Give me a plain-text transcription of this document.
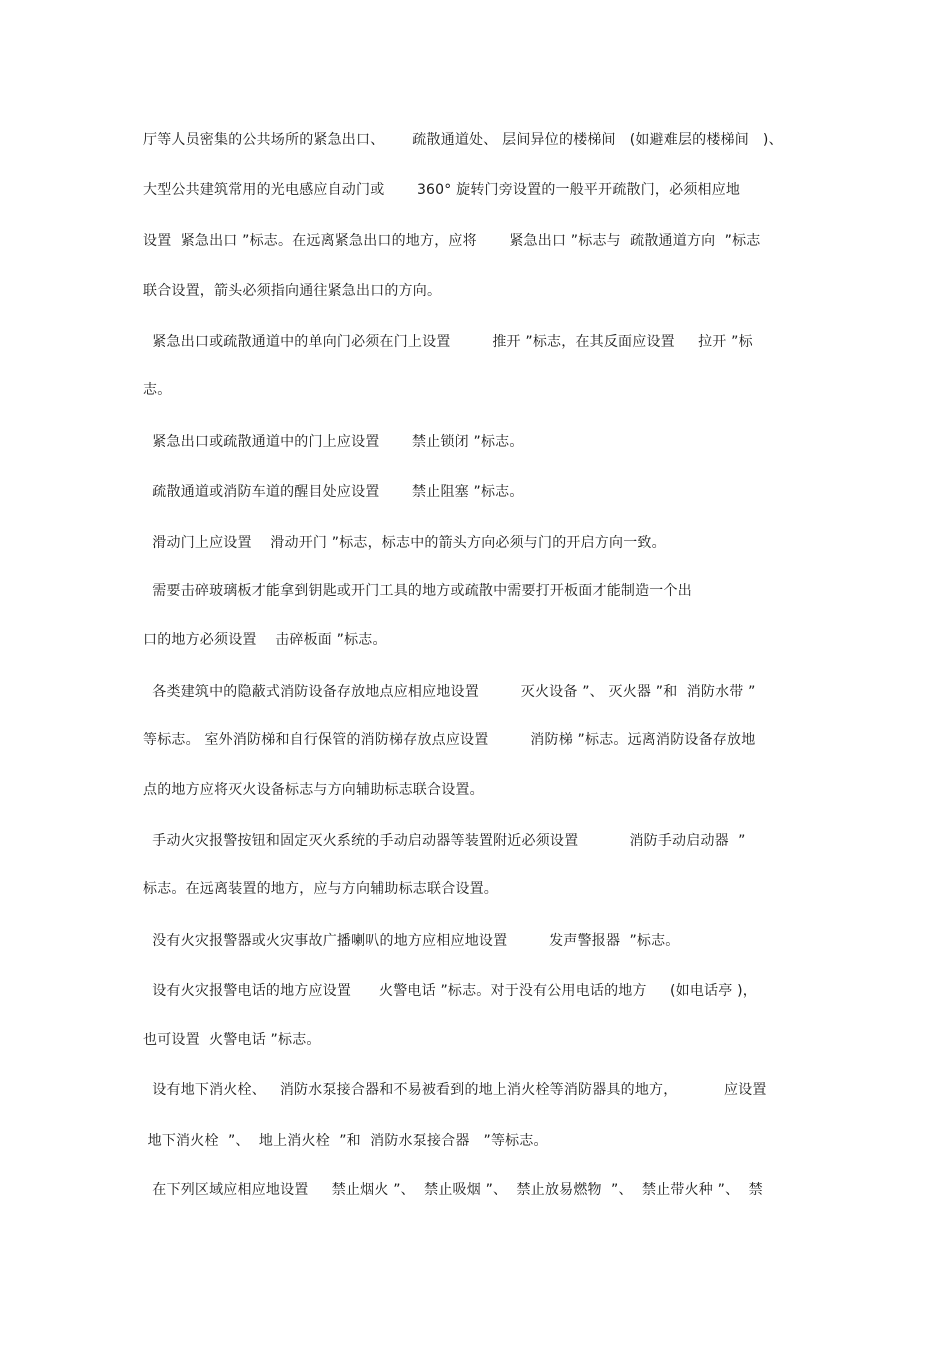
厅等人员密集的公共场所的紧急出口、      疏散通道处、 层间异位的楼梯间   (如避难层的楼梯间   )、
大型公共建筑常用的光电感应自动门或       360° 旋转门旁设置的一般平开疏散门，必须相应地
设置  紧急出口 ”标志。在远离紧急出口的地方，应将       紧急出口 ”标志与  疏散通道方向  ”标志
联合设置，箭头必须指向通往紧急出口的方向。
紧急出口或疏散通道中的单向门必须在门上设置         推开 ”标志，在其反面应设置     拉开 ”标
志。
紧急出口或疏散通道中的门上应设置       禁止锁闭 ”标志。
疏散通道或消防车道的醒目处应设置       禁止阻塞 ”标志。
滑动门上应设置    滑动开门 ”标志，标志中的箭头方向必须与门的开启方向一致。
需要击碎玻璃板才能拿到钥匙或开门工具的地方或疏散中需要打开板面才能制造一个出
口的地方必须设置    击碎板面 ”标志。
各类建筑中的隐蔽式消防设备存放地点应相应地设置         灭火设备 ”、 灭火器 ”和  消防水带 ”
等标志。 室外消防梯和自行保管的消防梯存放点应设置         消防梯 ”标志。远离消防设备存放地
点的地方应将灭火设备标志与方向辅助标志联合设置。
手动火灾报警按钮和固定灭火系统的手动启动器等装置附近必须设置           消防手动启动器  ”
标志。在远离装置的地方，应与方向辅助标志联合设置。
没有火灾报警器或火灾事故广播喇叭的地方应相应地设置         发声警报器  ”标志。
设有火灾报警电话的地方应设置      火警电话 ”标志。对于没有公用电话的地方     (如电话亭 )，
也可设置  火警电话 ”标志。
设有地下消火栓、   消防水泵接合器和不易被看到的地上消火栓等消防器具的地方，          应设置
地下消火栓  ”、  地上消火栓  ”和  消防水泵接合器   ”等标志。
在下列区域应相应地设置     禁止烟火 ”、  禁止吸烟 ”、  禁止放易燃物  ”、  禁止带火种 ”、  禁
